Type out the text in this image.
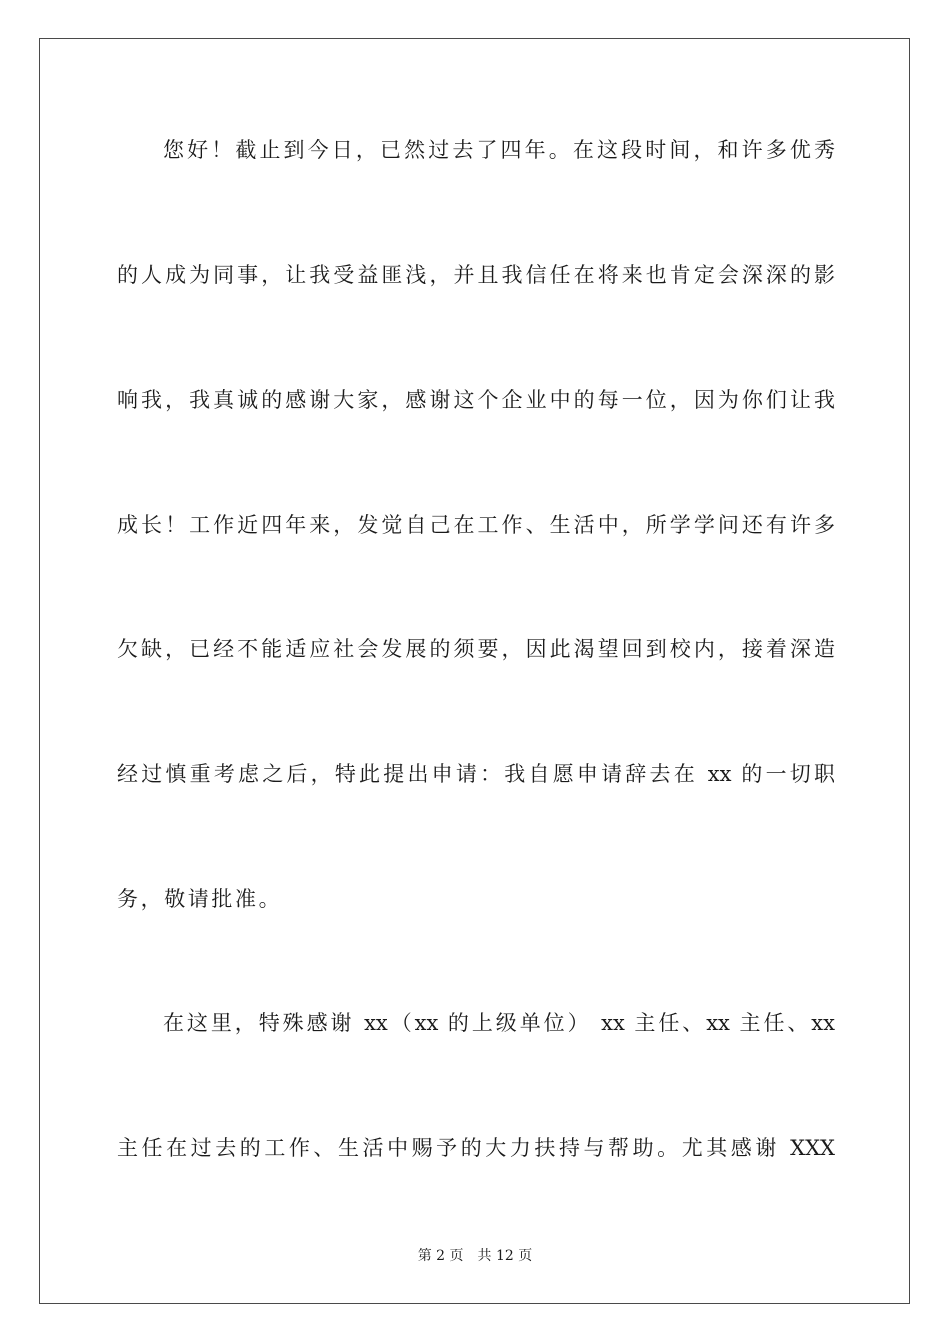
您好！截止到今日，已然过去了四年。在这段时间，和许多优秀
的人成为同事，让我受益匪浅，并且我信任在将来也肯定会深深的影
响我，我真诚的感谢大家，感谢这个企业中的每一位，因为你们让我
成长！工作近四年来，发觉自己在工作、生活中，所学学问还有许多
欠缺，已经不能适应社会发展的须要，因此渴望回到校内，接着深造
经过慎重考虑之后，特此提出申请：我自愿申请辞去在 xx 的一切职
务，敬请批准。
在这里，特殊感谢 xx（xx 的上级单位） xx 主任、xx 主任、xx
主任在过去的工作、生活中赐予的大力扶持与帮助。尤其感谢 XXX
第 2 页 共 12 页
